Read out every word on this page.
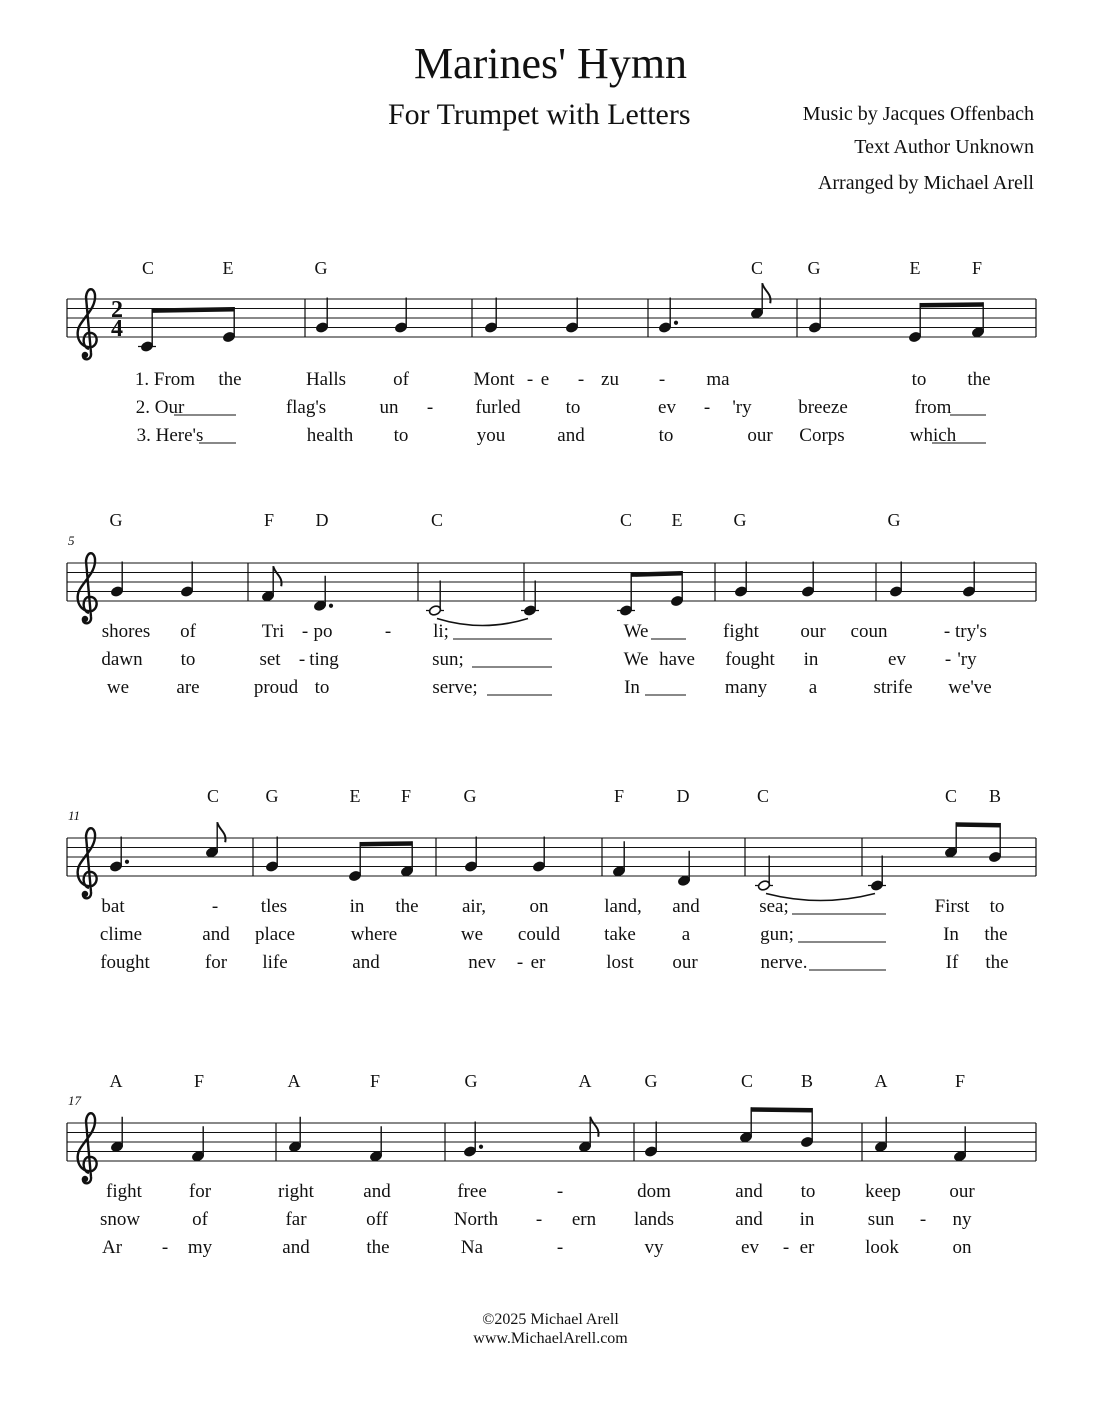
Marines' Hymn
For Trumpet with Letters	Music by Jacques Offenbach
Text Author Unknown
Arranged by Michael Arell
2
4
C	E	G	C G	E	F
1. From the	Halls of	Mont - e - zu - ma	to the
2. Our	flag's	un - furled to	ev - 'ry breeze	from
3. Here's	health to	you	and	to	our Corps	which
5
G	F D	C	C E	G	G
shores of	Tri - po	- li;	We	fight our coun	- try's
dawn to	set - ting	sun;	We have fought in	ev - 'ry
we are	proud to	serve;	In	many a	strife we've
11
C	G	E F	G	F	D	C	C B
bat	- tles	in the air, on	land, and	sea;	First to
clime	and place	where	we could take a	gun;	In the
fought	for life	and	nev - er	lost our	nerve.	If the
17
A	F	A	F	G	A	G	C	B	A	F
fight for	right	and	free	-	dom	and to	keep	our
snow	of	far	off	North - ern lands	and in	sun - ny
Ar - my	and	the	Na	-	vy	ev - er	look	on
©2025 Michael Arell
www.MichaelArell.com
